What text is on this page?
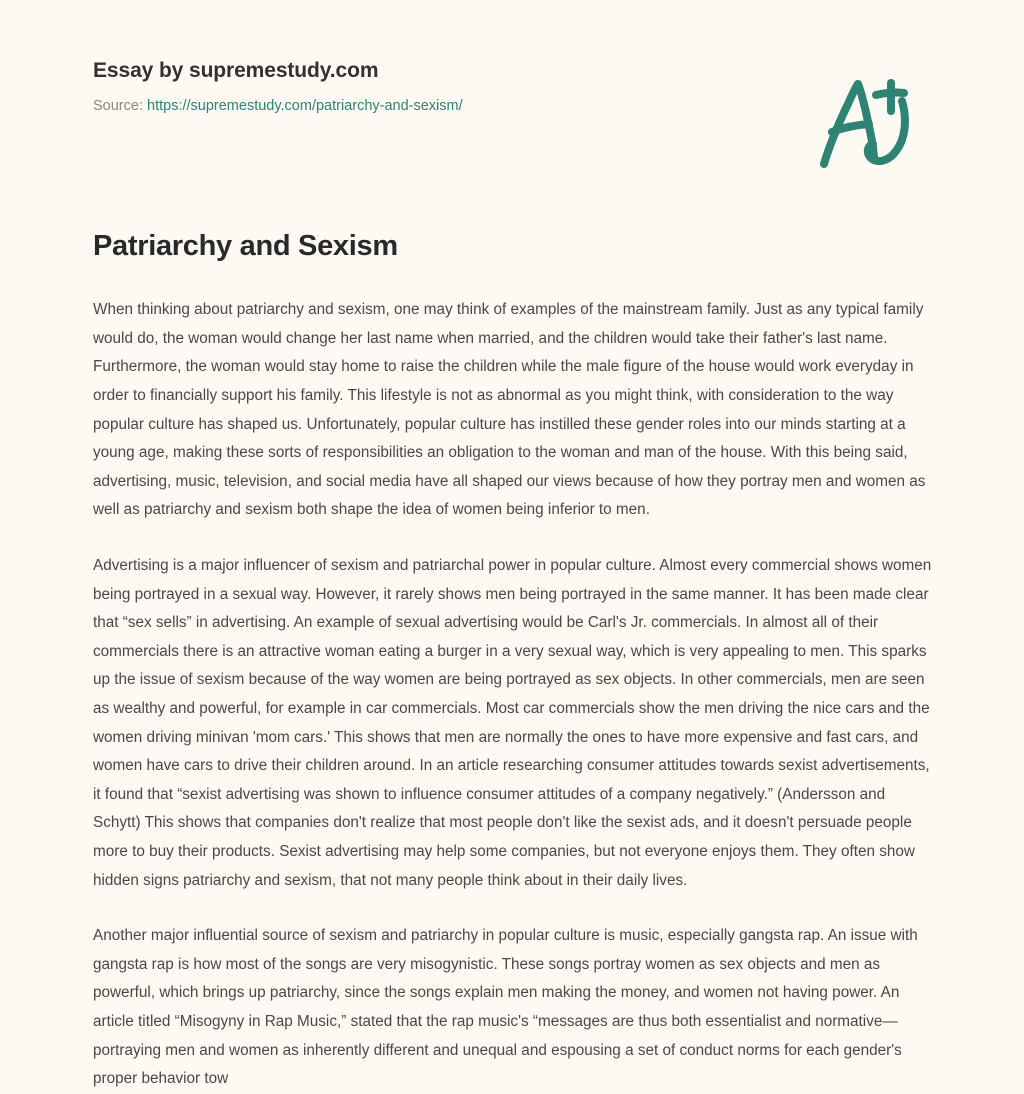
Essay by supremestudy.com
Source: https://supremestudy.com/patriarchy-and-sexism/
Patriarchy and Sexism

When thinking about patriarchy and sexism, one may think of examples of the mainstream family. Just as any typical family would do, the woman would change her last name when married, and the children would take their father's last name. Furthermore, the woman would stay home to raise the children while the male figure of the house would work everyday in order to financially support his family. This lifestyle is not as abnormal as you might think, with consideration to the way popular culture has shaped us. Unfortunately, popular culture has instilled these gender roles into our minds starting at a young age, making these sorts of responsibilities an obligation to the woman and man of the house. With this being said, advertising, music, television, and social media have all shaped our views because of how they portray men and women as well as patriarchy and sexism both shape the idea of women being inferior to men.

Advertising is a major influencer of sexism and patriarchal power in popular culture. Almost every commercial shows women being portrayed in a sexual way. However, it rarely shows men being portrayed in the same manner. It has been made clear that “sex sells” in advertising. An example of sexual advertising would be Carl's Jr. commercials. In almost all of their commercials there is an attractive woman eating a burger in a very sexual way, which is very appealing to men. This sparks up the issue of sexism because of the way women are being portrayed as sex objects. In other commercials, men are seen as wealthy and powerful, for example in car commercials. Most car commercials show the men driving the nice cars and the women driving minivan 'mom cars.' This shows that men are normally the ones to have more expensive and fast cars, and women have cars to drive their children around. In an article researching consumer attitudes towards sexist advertisements, it found that “sexist advertising was shown to influence consumer attitudes of a company negatively.” (Andersson and Schytt) This shows that companies don't realize that most people don't like the sexist ads, and it doesn't persuade people more to buy their products. Sexist advertising may help some companies, but not everyone enjoys them. They often show hidden signs patriarchy and sexism, that not many people think about in their daily lives.

Another major influential source of sexism and patriarchy in popular culture is music, especially gangsta rap. An issue with gangsta rap is how most of the songs are very misogynistic. These songs portray women as sex objects and men as powerful, which brings up patriarchy, since the songs explain men making the money, and women not having power. An article titled “Misogyny in Rap Music,” stated that the rap music's “messages are thus both essentialist and normative—portraying men and women as inherently different and unequal and espousing a set of conduct norms for each gender's proper behavior tow
